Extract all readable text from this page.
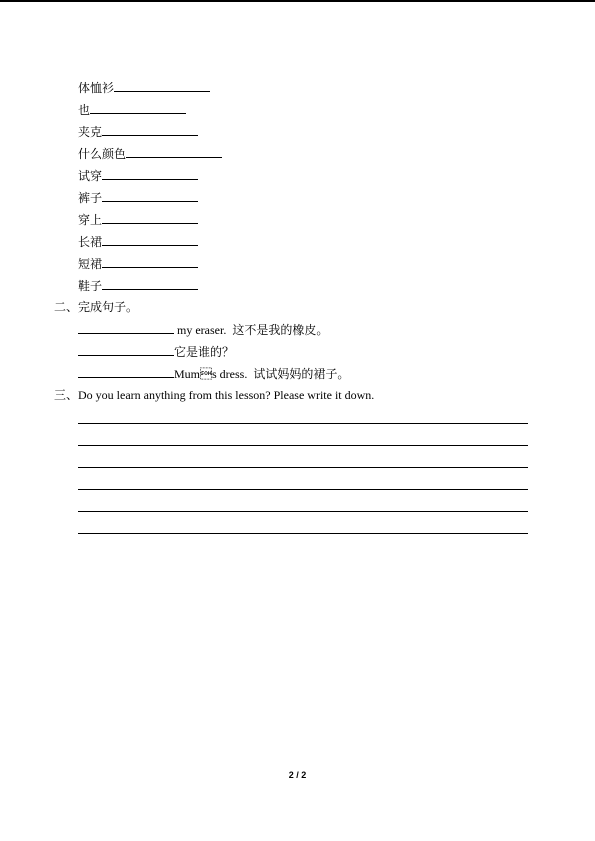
体恤衫
也
夹克
什么颜色
试穿
裤子
穿上
长裙
短裙
鞋子
二、完成句子。
my eraser.  这不是我的橡皮。
它是谁的？
Mums dress.  试试妈妈的裙子。
三、Do you learn anything from this lesson? Please write it down.
2 / 2
